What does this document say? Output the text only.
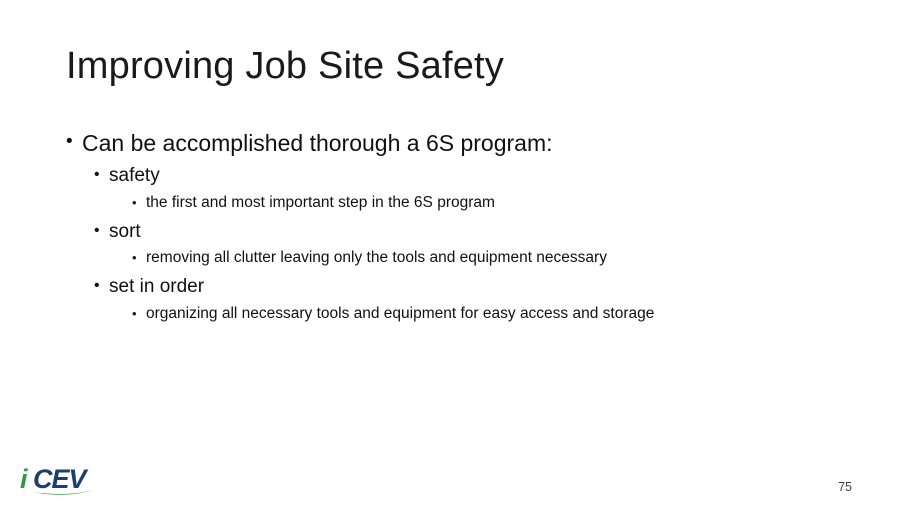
Improving Job Site Safety
• Can be accomplished thorough a 6S program:
• safety
• the first and most important step in the 6S program
• sort
• removing all clutter leaving only the tools and equipment necessary
• set in order
• organizing all necessary tools and equipment for easy access and storage
i CEV	75
